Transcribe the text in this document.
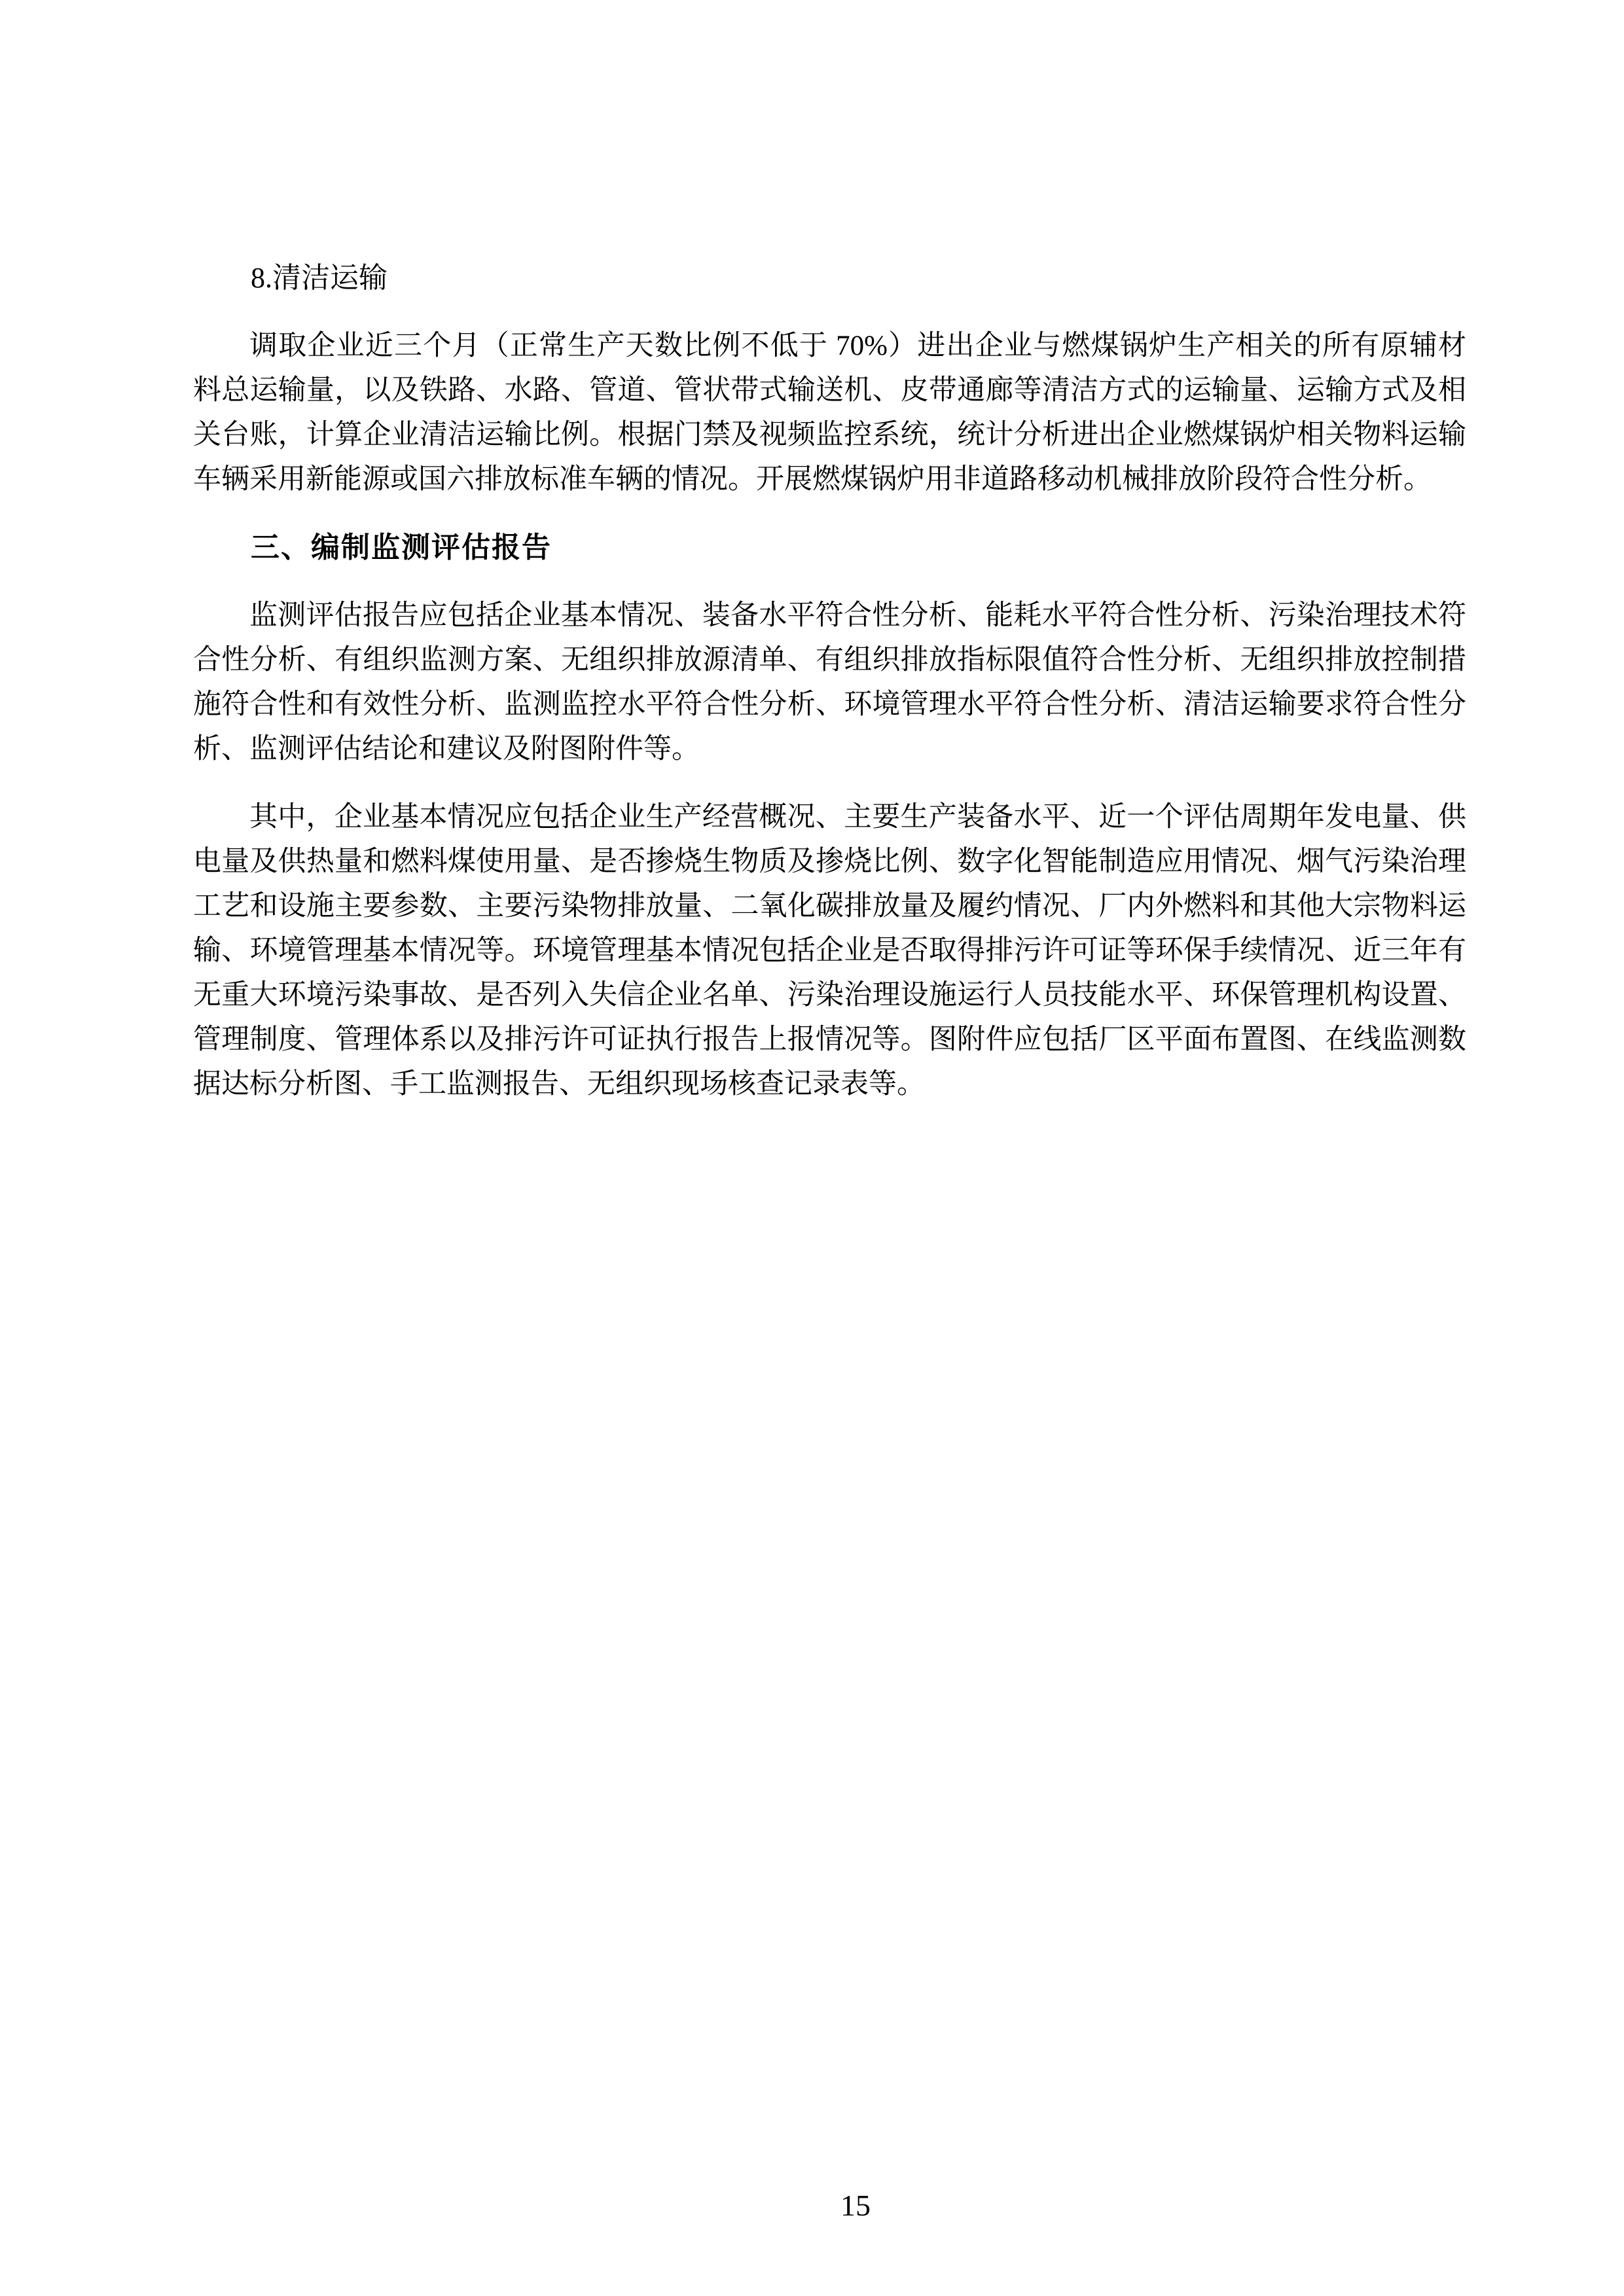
8.清洁运输
调取企业近三个月（正常生产天数比例不低于 70%）进出企业与燃煤锅炉生产相关的所有原辅材
料总运输量，以及铁路、水路、管道、管状带式输送机、皮带通廊等清洁方式的运输量、运输方式及相
关台账，计算企业清洁运输比例。根据门禁及视频监控系统，统计分析进出企业燃煤锅炉相关物料运输
车辆采用新能源或国六排放标准车辆的情况。开展燃煤锅炉用非道路移动机械排放阶段符合性分析。
三、编制监测评估报告
监测评估报告应包括企业基本情况、装备水平符合性分析、能耗水平符合性分析、污染治理技术符
合性分析、有组织监测方案、无组织排放源清单、有组织排放指标限值符合性分析、无组织排放控制措
施符合性和有效性分析、监测监控水平符合性分析、环境管理水平符合性分析、清洁运输要求符合性分
析、监测评估结论和建议及附图附件等。
其中，企业基本情况应包括企业生产经营概况、主要生产装备水平、近一个评估周期年发电量、供
电量及供热量和燃料煤使用量、是否掺烧生物质及掺烧比例、数字化智能制造应用情况、烟气污染治理
工艺和设施主要参数、主要污染物排放量、二氧化碳排放量及履约情况、厂内外燃料和其他大宗物料运
输、环境管理基本情况等。环境管理基本情况包括企业是否取得排污许可证等环保手续情况、近三年有
无重大环境污染事故、是否列入失信企业名单、污染治理设施运行人员技能水平、环保管理机构设置、
管理制度、管理体系以及排污许可证执行报告上报情况等。图附件应包括厂区平面布置图、在线监测数
据达标分析图、手工监测报告、无组织现场核查记录表等。
15
